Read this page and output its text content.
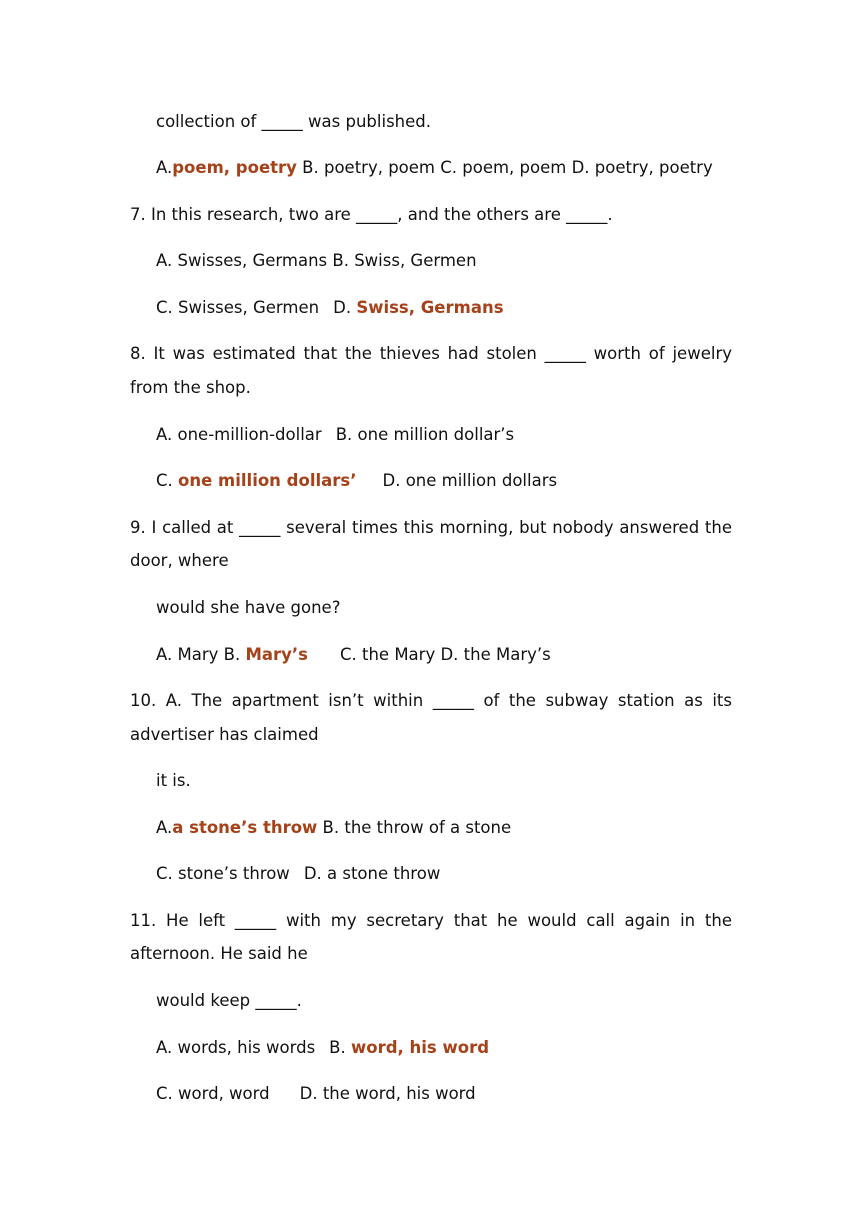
collection of _____ was published.
A.poem, poetry B. poetry, poem C. poem, poem D. poetry, poetry
7. In this research, two are _____, and the others are _____.
A. Swisses, Germans B. Swiss, Germen
C. Swisses, Germen D. Swiss, Germans
8. It was estimated that the thieves had stolen _____ worth of jewelry
from the shop.
A. one-million-dollar B. one million dollar’s
C. one million dollars’ D. one million dollars
9. I called at _____ several times this morning, but nobody answered the
door, where
would she have gone?
A. Mary B. Mary’s C. the Mary D. the Mary’s
10. A. The apartment isn’t within _____ of the subway station as its
advertiser has claimed
it is.
A.a stone’s throw B. the throw of a stone
C. stone’s throw D. a stone throw
11. He left _____ with my secretary that he would call again in the
afternoon. He said he
would keep _____.
A. words, his words B. word, his word
C. word, word D. the word, his word
